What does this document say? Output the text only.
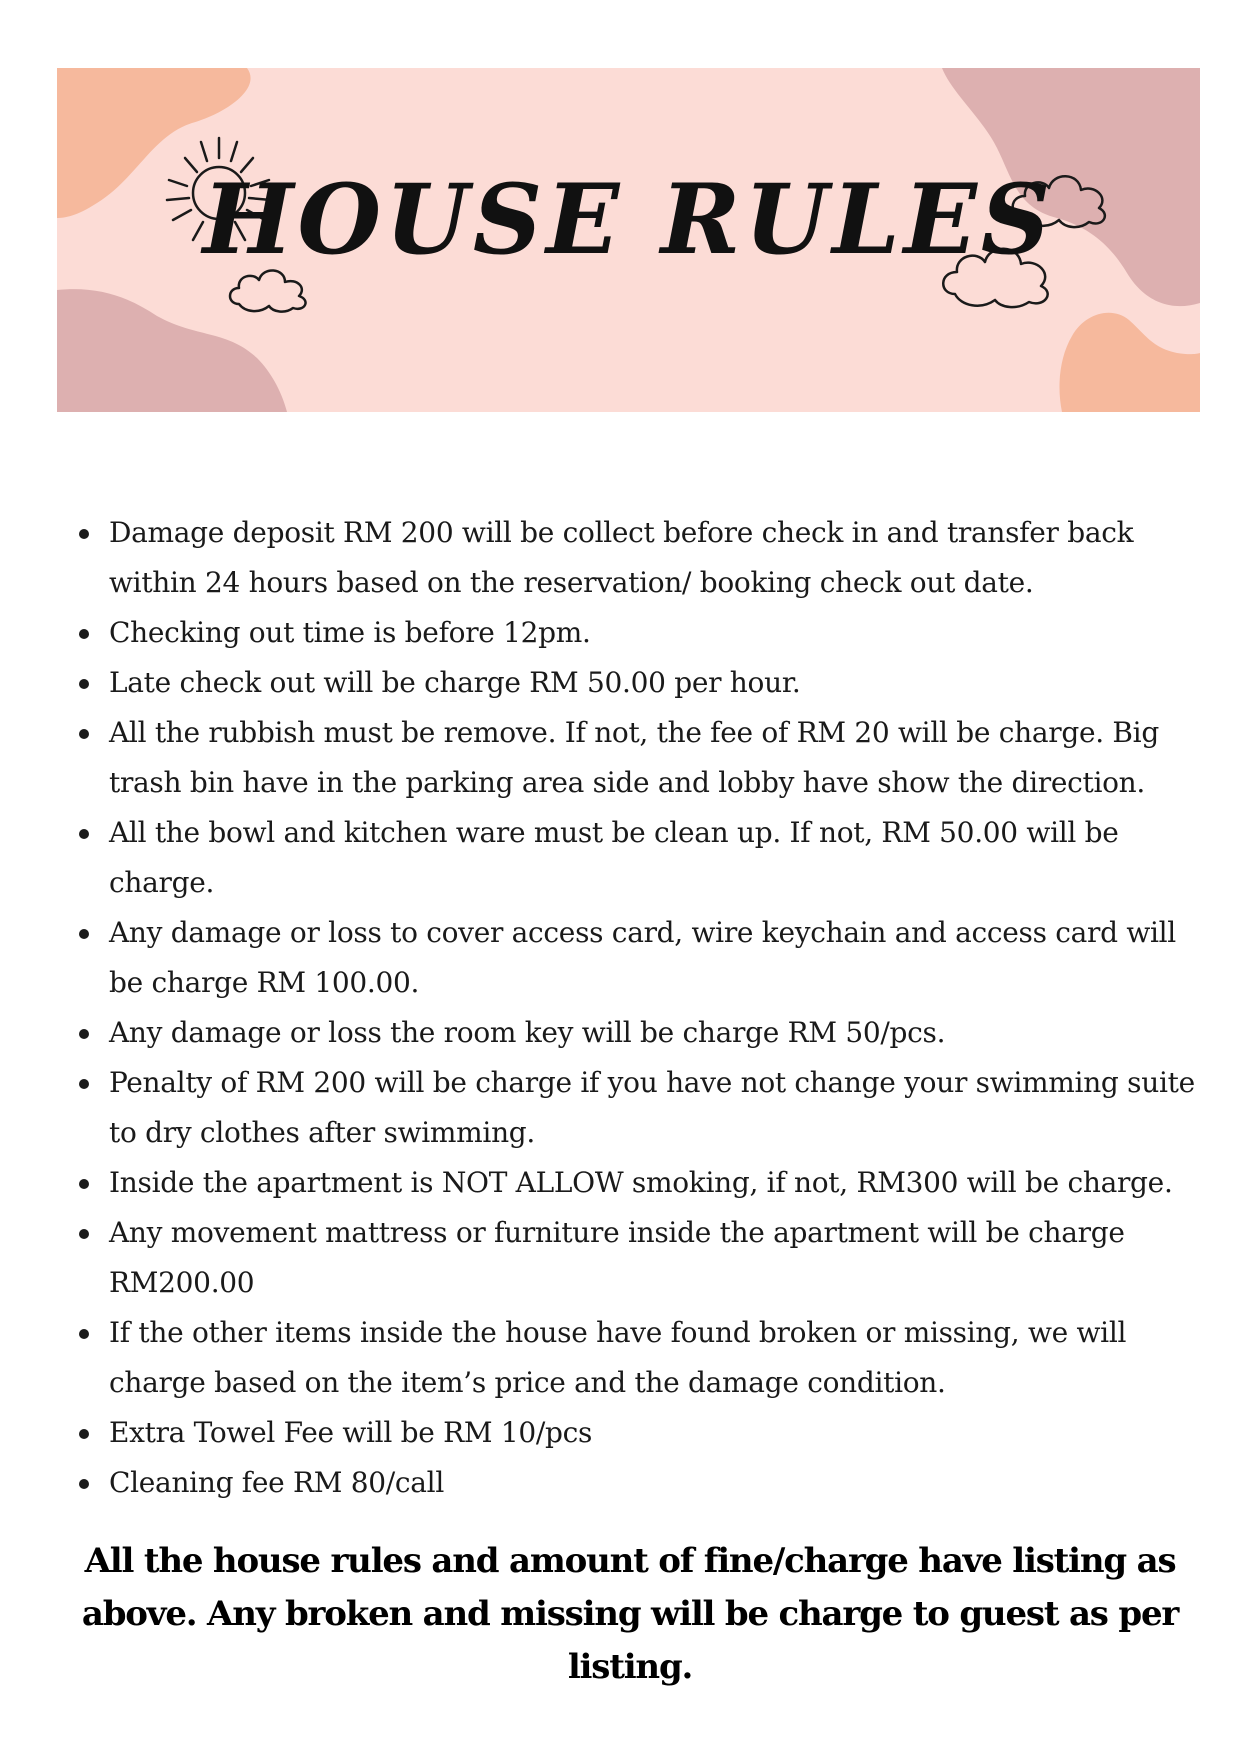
HOUSE RULES
Damage deposit RM 200 will be collect before check in and transfer back within 24 hours based on the reservation/ booking check out date.
Checking out time is before 12pm.
Late check out will be charge RM 50.00 per hour.
All the rubbish must be remove. If not, the fee of RM 20 will be charge. Big trash bin have in the parking area side and lobby have show the direction.
All the bowl and kitchen ware must be clean up. If not, RM 50.00 will be charge.
Any damage or loss to cover access card, wire keychain and access card will be charge RM 100.00.
Any damage or loss the room key will be charge RM 50/pcs.
Penalty of RM 200 will be charge if you have not change your swimming suite to dry clothes after swimming.
Inside the apartment is NOT ALLOW smoking, if not, RM300 will be charge.
Any movement mattress or furniture inside the apartment will be charge RM200.00
If the other items inside the house have found broken or missing, we will charge based on the item’s price and the damage condition.
Extra Towel Fee will be RM 10/pcs
Cleaning fee RM 80/call
All the house rules and amount of fine/charge have listing as above. Any broken and missing will be charge to guest as per listing.
